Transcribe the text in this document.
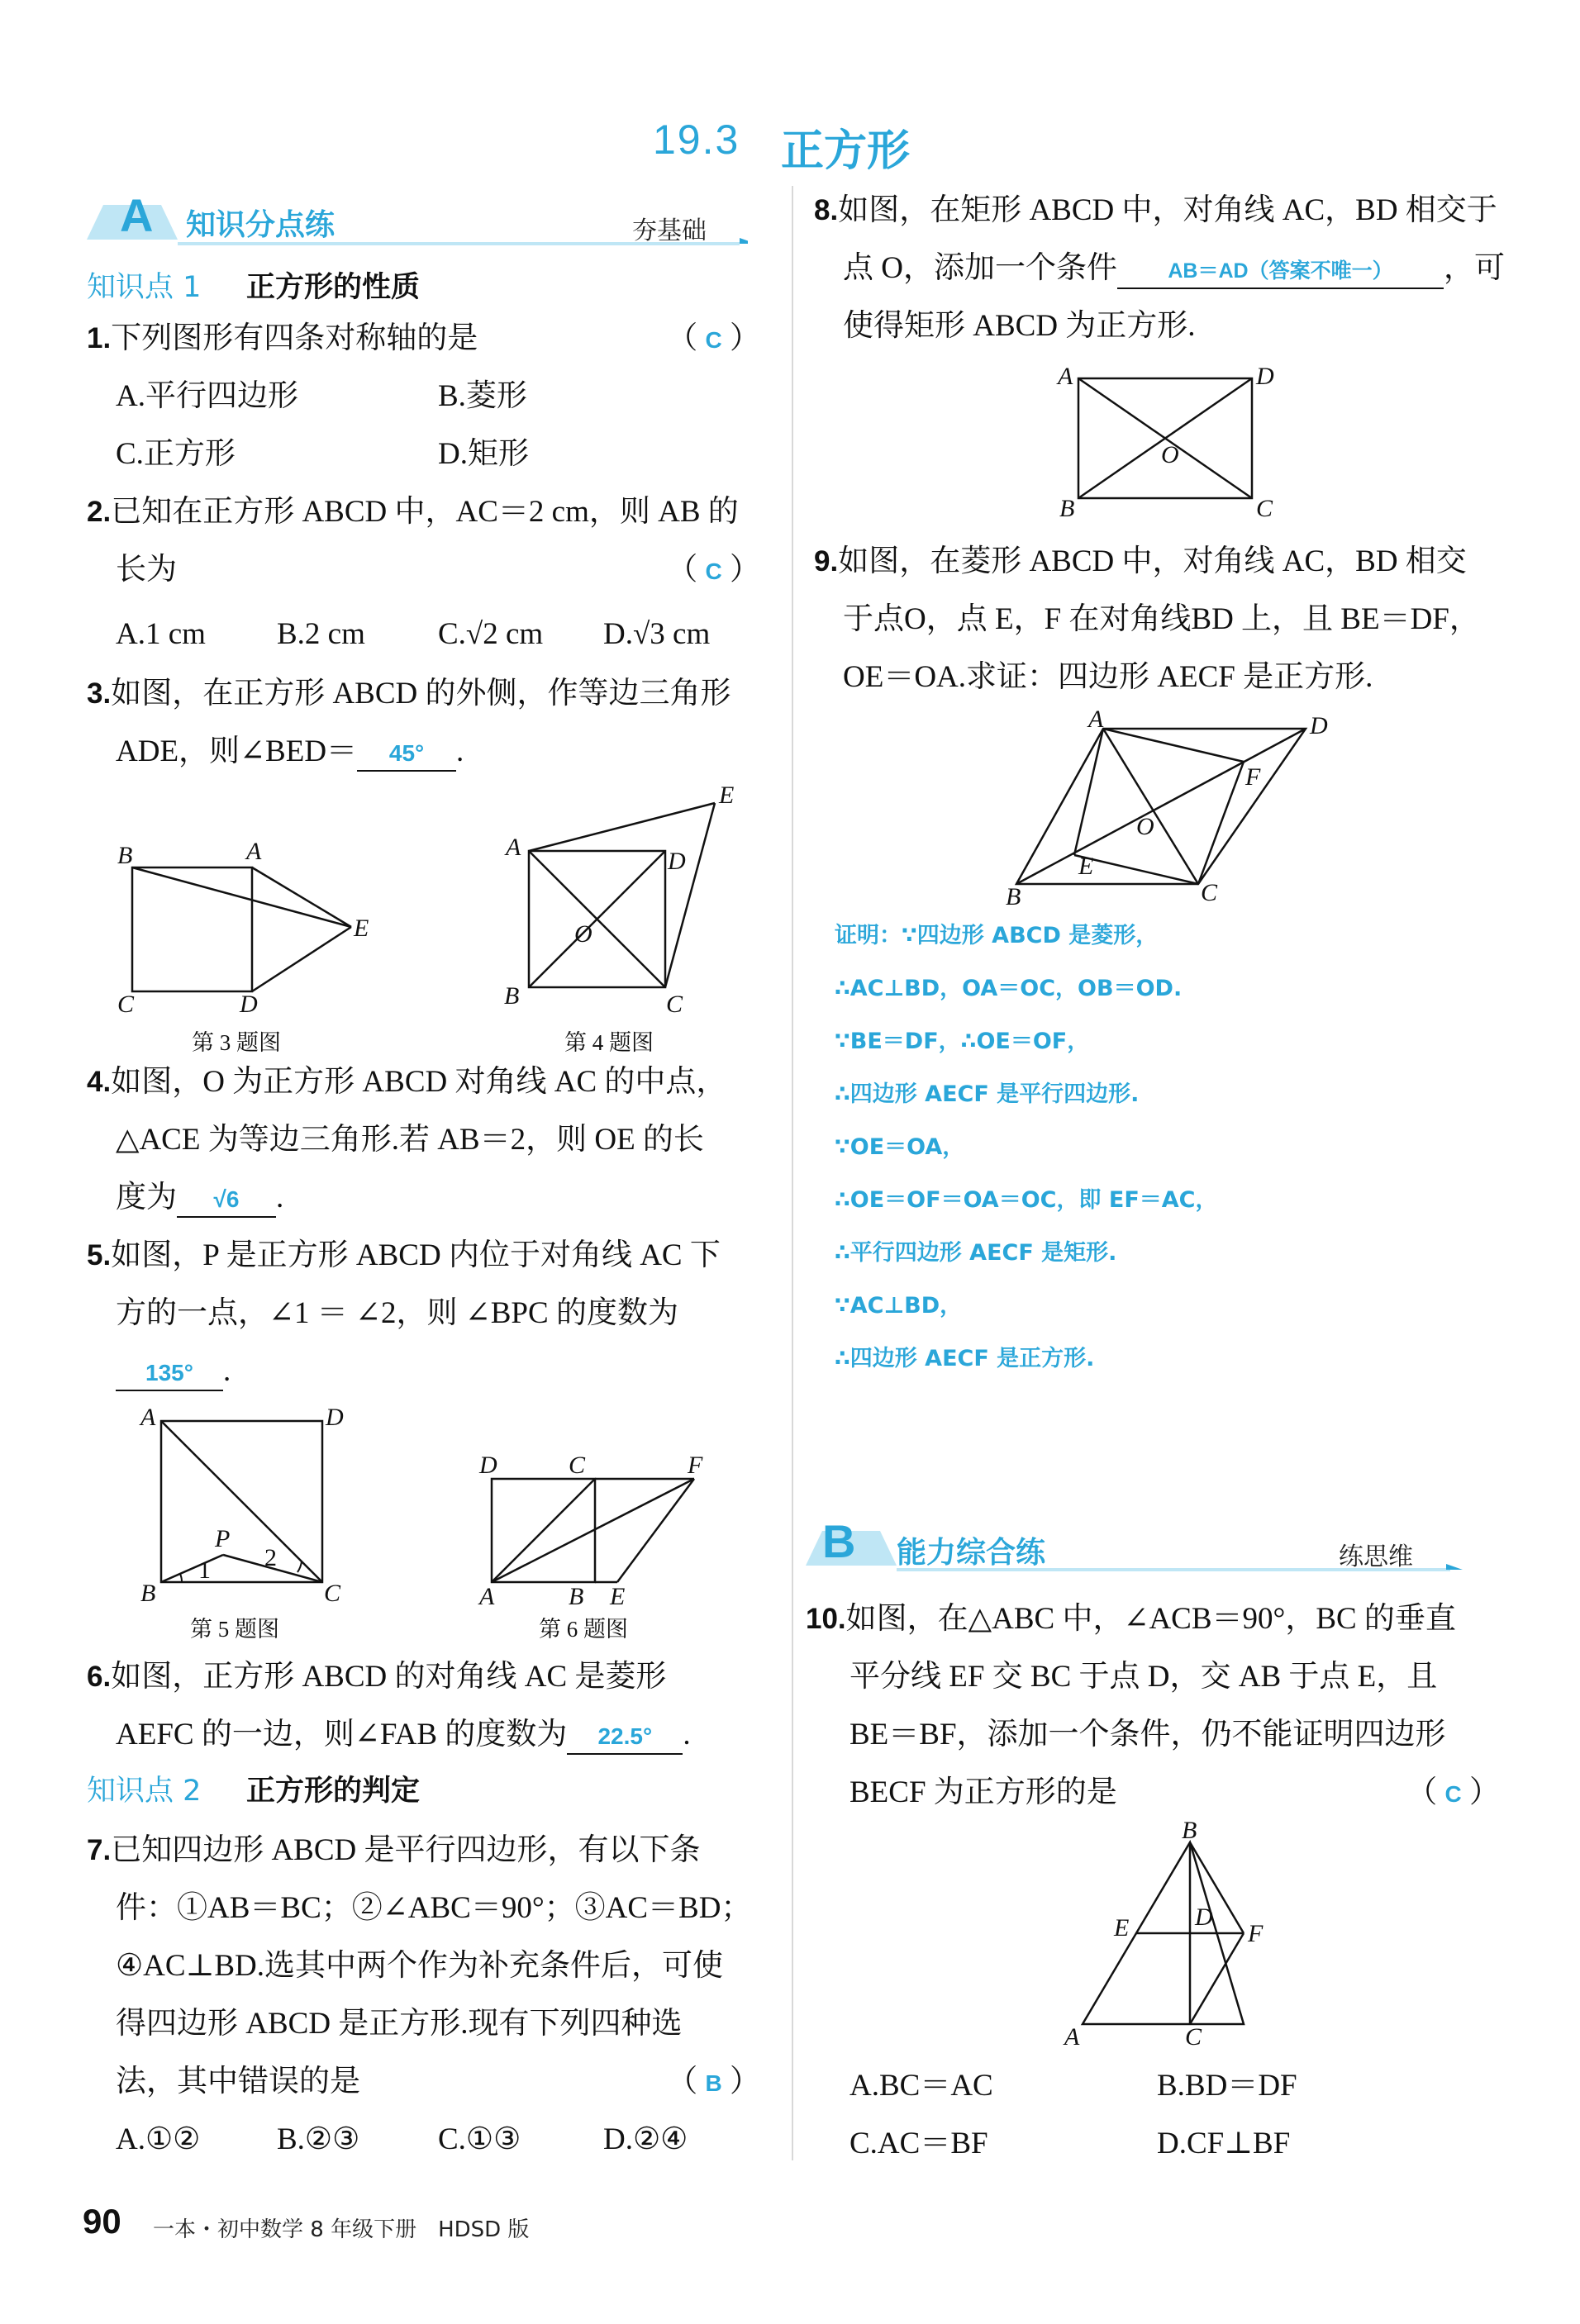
19.3 正方形
A 知识分点练	夯基础
知识点 1 正方形的性质
1.下列图形有四条对称轴的是	（ C ）
A.平行四边形	B.菱形
C.正方形	D.矩形
2.已知在正方形 ABCD 中，AC＝2 cm，则 AB 的
长为	（ C ）
A.1 cm B.2 cm C.√2 cm D.√3 cm
3.如图，在正方形 ABCD 的外侧，作等边三角形
ADE，则∠BED＝ 45° .
B	A
E
C	D
第 3 题图
A
E
D
O
B	C
第 4 题图
4.如图，O 为正方形 ABCD 对角线 AC 的中点，
△ACE 为等边三角形.若 AB＝2，则 OE 的长
度为 √6 .
5.如图，P 是正方形 ABCD 内位于对角线 AC 下
方的一点，∠1 ＝ ∠2，则 ∠BPC 的度数为
135° .
A	D
P
B	C
1 2
第 5 题图
D	C	F
A	B E
第 6 题图
6.如图，正方形 ABCD 的对角线 AC 是菱形
AEFC 的一边，则∠FAB 的度数为 22.5° .
知识点 2 正方形的判定
7.已知四边形 ABCD 是平行四边形，有以下条
件：①AB＝BC；②∠ABC＝90°；③AC＝BD；
④AC⊥BD.选其中两个作为补充条件后，可使
得四边形 ABCD 是正方形.现有下列四种选
法，其中错误的是	（ B ）
A.①②	B.②③	C.①③	D.②④
8.如图，在矩形 ABCD 中，对角线 AC，BD 相交于
点 O，添加一个条件 AB＝AD（答案不唯一） ，可
使得矩形 ABCD 为正方形.
A	D
O
B	C
9.如图，在菱形 ABCD 中，对角线 AC，BD 相交
于点O，点 E，F 在对角线BD 上，且 BE＝DF，
OE＝OA.求证：四边形 AECF 是正方形.
A	D
F
O
E
B	C
证明：∵四边形 ABCD 是菱形，
∴AC⊥BD，OA＝OC，OB＝OD.
∵BE＝DF，∴OE＝OF，
∴四边形 AECF 是平行四边形.
∵OE＝OA，
∴OE＝OF＝OA＝OC，即 EF＝AC，
∴平行四边形 AECF 是矩形.
∵AC⊥BD，
∴四边形 AECF 是正方形.
B 能力综合练	练思维
10.如图，在△ABC 中，∠ACB＝90°，BC 的垂直
平分线 EF 交 BC 于点 D，交 AB 于点 E，且
BE＝BF，添加一个条件，仍不能证明四边形
BECF 为正方形的是	（ C ）
B
E	D
F
A	C
A.BC＝AC	B.BD＝DF
C.AC＝BF	D.CF⊥BF
90 一本・初中数学 8 年级下册　HDSD 版
